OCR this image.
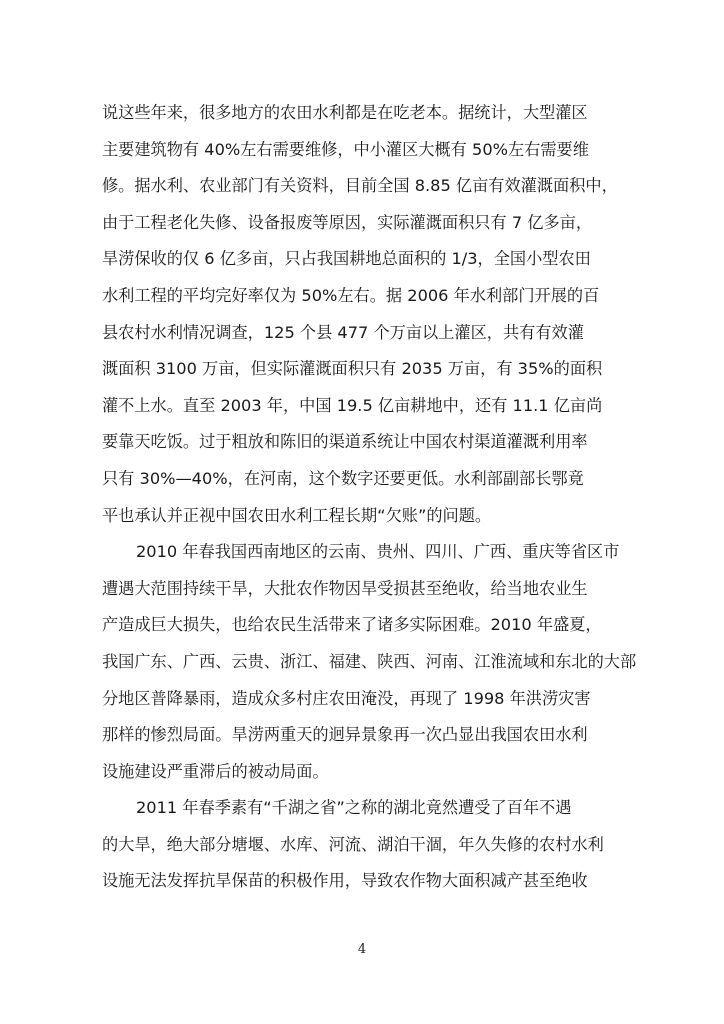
说这些年来，很多地方的农田水利都是在吃老本。据统计，大型灌区
主要建筑物有 40%左右需要维修，中小灌区大概有 50%左右需要维
修。据水利、农业部门有关资料，目前全国 8.85 亿亩有效灌溉面积中，
由于工程老化失修、设备报废等原因，实际灌溉面积只有 7 亿多亩，
旱涝保收的仅 6 亿多亩，只占我国耕地总面积的 1/3，全国小型农田
水利工程的平均完好率仅为 50%左右。据 2006 年水利部门开展的百
县农村水利情况调查，125 个县 477 个万亩以上灌区，共有有效灌
溉面积 3100 万亩，但实际灌溉面积只有 2035 万亩，有 35%的面积
灌不上水。直至 2003 年，中国 19.5 亿亩耕地中，还有 11.1 亿亩尚
要靠天吃饭。过于粗放和陈旧的渠道系统让中国农村渠道灌溉利用率
只有 30%—40%，在河南，这个数字还要更低。水利部副部长鄂竟
平也承认并正视中国农田水利工程长期“欠账”的问题。
2010 年春我国西南地区的云南、贵州、四川、广西、重庆等省区市
遭遇大范围持续干旱，大批农作物因旱受损甚至绝收，给当地农业生
产造成巨大损失，也给农民生活带来了诸多实际困难。2010 年盛夏，
我国广东、广西、云贵、浙江、福建、陕西、河南、江淮流域和东北的大部
分地区普降暴雨，造成众多村庄农田淹没，再现了 1998 年洪涝灾害
那样的惨烈局面。旱涝两重天的迥异景象再一次凸显出我国农田水利
设施建设严重滞后的被动局面。
2011 年春季素有“千湖之省”之称的湖北竟然遭受了百年不遇
的大旱，绝大部分塘堰、水库、河流、湖泊干涸，年久失修的农村水利
设施无法发挥抗旱保苗的积极作用，导致农作物大面积减产甚至绝收
4
